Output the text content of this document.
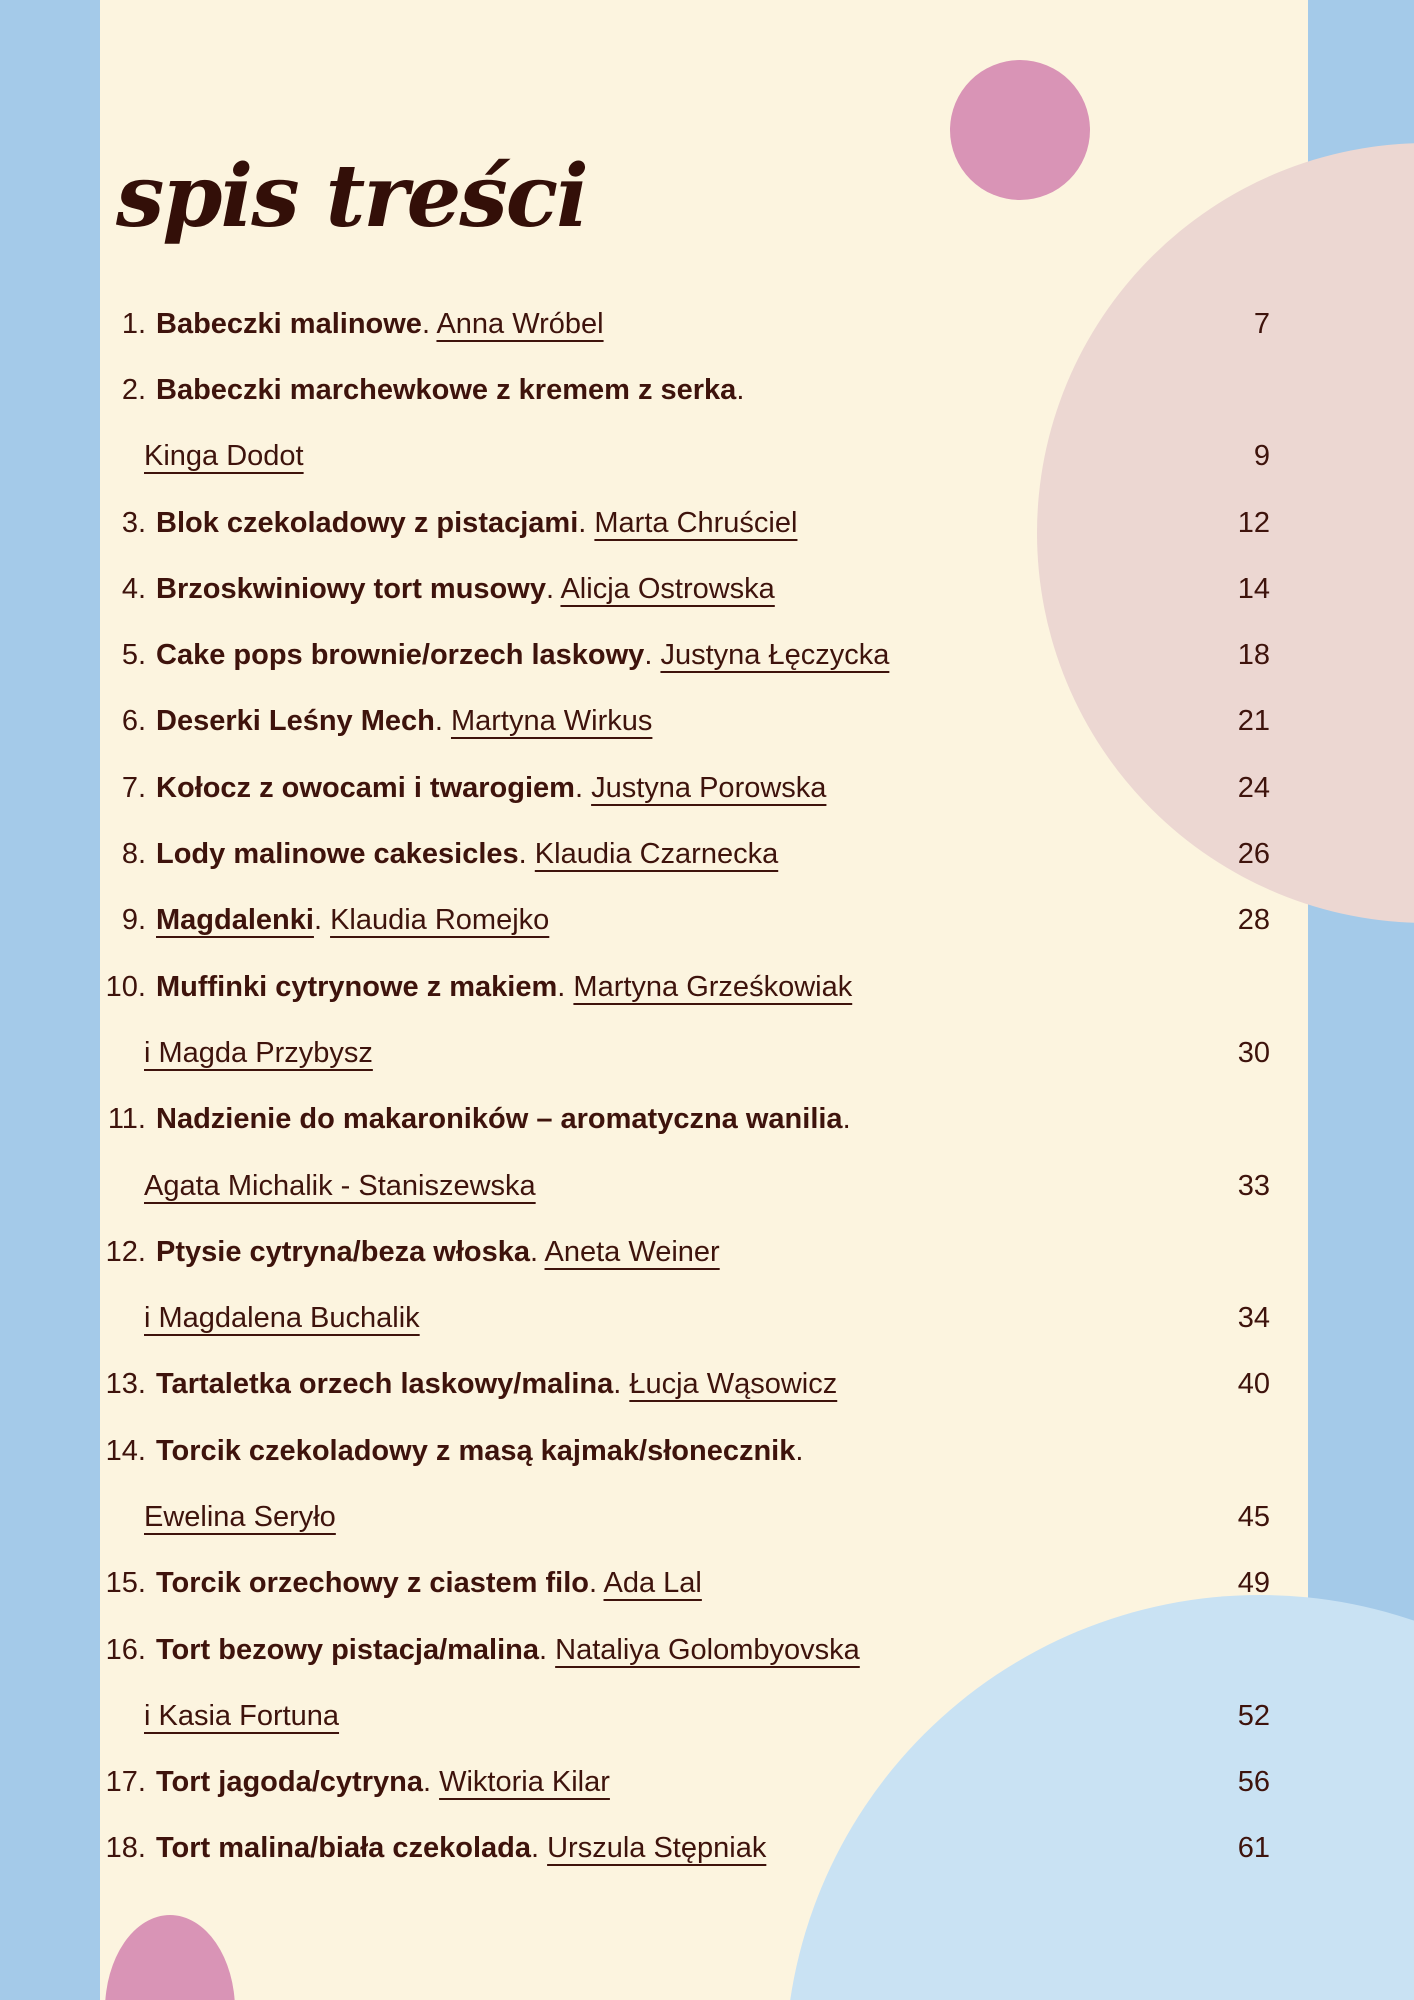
spis treści
1. Babeczki malinowe. Anna Wróbel	7
2. Babeczki marchewkowe z kremem z serka.
Kinga Dodot	9
3. Blok czekoladowy z pistacjami. Marta Chruściel	12
4. Brzoskwiniowy tort musowy. Alicja Ostrowska	14
5. Cake pops brownie/orzech laskowy. Justyna Łęczycka	18
6. Deserki Leśny Mech. Martyna Wirkus	21
7. Kołocz z owocami i twarogiem. Justyna Porowska	24
8. Lody malinowe cakesicles. Klaudia Czarnecka	26
9. Magdalenki. Klaudia Romejko	28
10. Muffinki cytrynowe z makiem. Martyna Grześkowiak
i Magda Przybysz	30
11. Nadzienie do makaroników – aromatyczna wanilia.
Agata Michalik - Staniszewska	33
12. Ptysie cytryna/beza włoska. Aneta Weiner
i Magdalena Buchalik	34
13. Tartaletka orzech laskowy/malina. Łucja Wąsowicz	40
14. Torcik czekoladowy z masą kajmak/słonecznik.
Ewelina Seryło	45
15. Torcik orzechowy z ciastem filo. Ada Lal	49
16. Tort bezowy pistacja/malina. Nataliya Golombyovska
i Kasia Fortuna	52
17. Tort jagoda/cytryna. Wiktoria Kilar	56
18. Tort malina/biała czekolada. Urszula Stępniak	61
